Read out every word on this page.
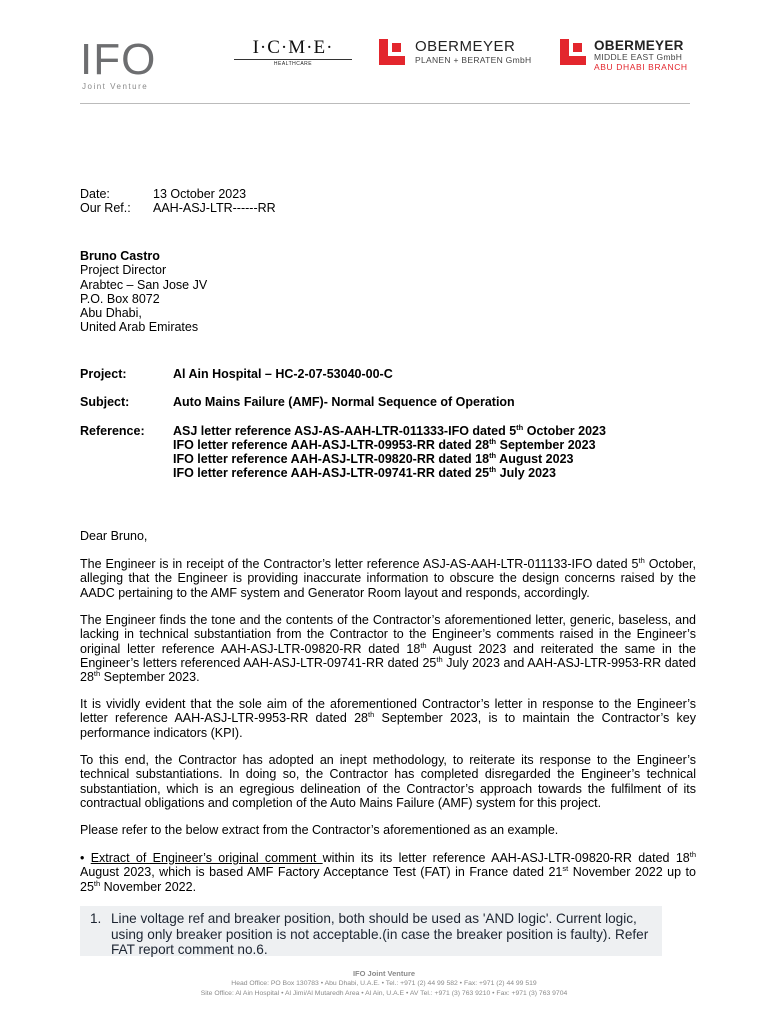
IFO
Joint Venture
I·C·M·E·
HEALTHCARE
OBERMEYER
PLANEN + BERATEN GmbH
OBERMEYER
MIDDLE EAST GmbH
ABU DHABI BRANCH
Date:	13 October 2023
Our Ref.:	AAH-ASJ-LTR------RR
Bruno Castro
Project Director
Arabtec – San Jose JV
P.O. Box 8072
Abu Dhabi,
United Arab Emirates
Project:	Al Ain Hospital – HC-2-07-53040-00-C
Subject:	Auto Mains Failure (AMF)- Normal Sequence of Operation
Reference:	ASJ letter reference ASJ-AS-AAH-LTR-011333-IFO dated 5th October 2023
IFO letter reference AAH-ASJ-LTR-09953-RR dated 28th September 2023
IFO letter reference AAH-ASJ-LTR-09820-RR dated 18th August 2023
IFO letter reference AAH-ASJ-LTR-09741-RR dated 25th July 2023
Dear Bruno,
The Engineer is in receipt of the Contractor’s letter reference ASJ-AS-AAH-LTR-011133-IFO dated 5th October, alleging that the Engineer is providing inaccurate information to obscure the design concerns raised by the AADC pertaining to the AMF system and Generator Room layout and responds, accordingly.
The Engineer finds the tone and the contents of the Contractor’s aforementioned letter, generic, baseless, and lacking in technical substantiation from the Contractor to the Engineer’s comments raised in the Engineer’s original letter reference AAH-ASJ-LTR-09820-RR dated 18th August 2023 and reiterated the same in the Engineer’s letters referenced AAH-ASJ-LTR-09741-RR dated 25th July 2023 and AAH-ASJ-LTR-9953-RR dated 28th September 2023.
It is vividly evident that the sole aim of the aforementioned Contractor’s letter in response to the Engineer’s letter reference AAH-ASJ-LTR-9953-RR dated 28th September 2023, is to maintain the Contractor’s key performance indicators (KPI).
To this end, the Contractor has adopted an inept methodology, to reiterate its response to the Engineer’s technical substantiations. In doing so, the Contractor has completed disregarded the Engineer’s technical substantiation, which is an egregious delineation of the Contractor’s approach towards the fulfilment of its contractual obligations and completion of the Auto Mains Failure (AMF) system for this project.
Please refer to the below extract from the Contractor’s aforementioned as an example.
• Extract of Engineer’s original comment within its its letter reference AAH-ASJ-LTR-09820-RR dated 18th August 2023, which is based AMF Factory Acceptance Test (FAT) in France dated 21st November 2022 up to 25th November 2022.
1. Line voltage ref and breaker position, both should be used as 'AND logic'. Current logic, using only breaker position is not acceptable.(in case the breaker position is faulty). Refer FAT report comment no.6.
IFO Joint Venture
Head Office: PO Box 130783 • Abu Dhabi, U.A.E. • Tel.: +971 (2) 44 99 582 • Fax: +971 (2) 44 99 519
Site Office: Al Ain Hospital • Al Jimi/Al Mutaredh Area • Al Ain, U.A.E • AV Tel.: +971 (3) 763 9210 • Fax: +971 (3) 763 9704
